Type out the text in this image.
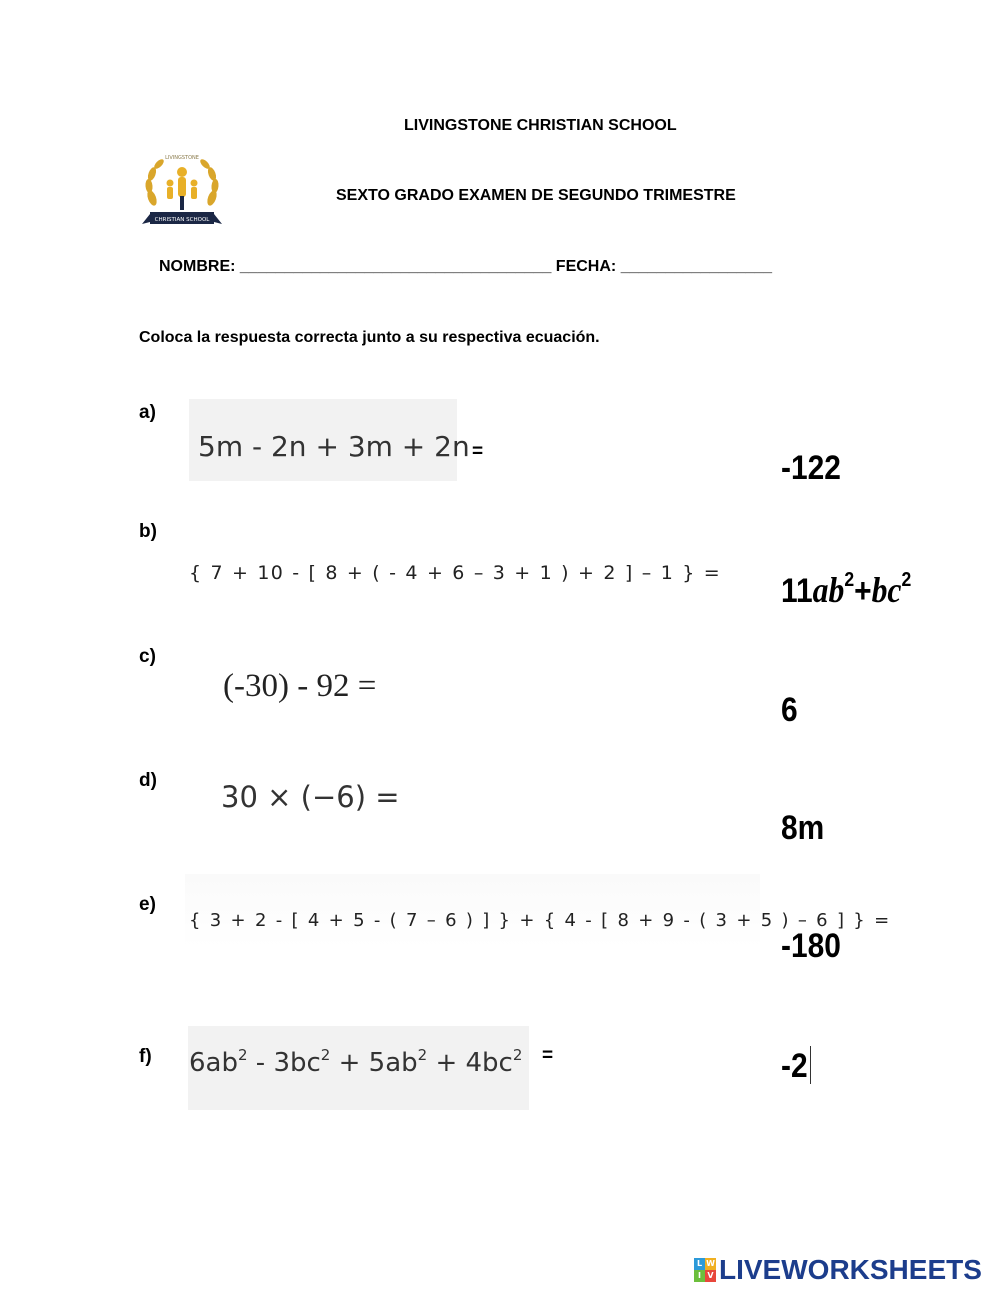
LIVINGSTONE CHRISTIAN SCHOOL
CHRISTIAN SCHOOL
LIVINGSTONE
SEXTO GRADO EXAMEN DE SEGUNDO TRIMESTRE
NOMBRE: ___________________________________ FECHA: _________________
Coloca la respuesta correcta junto a su respectiva ecuación.
a)
5m - 2n + 3m + 2n =
b)
{ 7 + 10 - [ 8 + ( - 4 + 6 – 3 + 1 ) + 2 ] – 1 } =
c)
(-30) - 92 =
d) 30 × (−6) =
e)
{ 3 + 2 - [ 4 + 5 - ( 7 – 6 ) ] } + { 4 - [ 8 + 9 - ( 3 + 5 ) – 6 ] } =
f) $6ab^2 - 3bc^2 + 5ab^2 + 4bc^2$ =
-122
$11ab^2+bc^2$
6
8m
-180
-2
L W
I V LIVEWORKSHEETS
